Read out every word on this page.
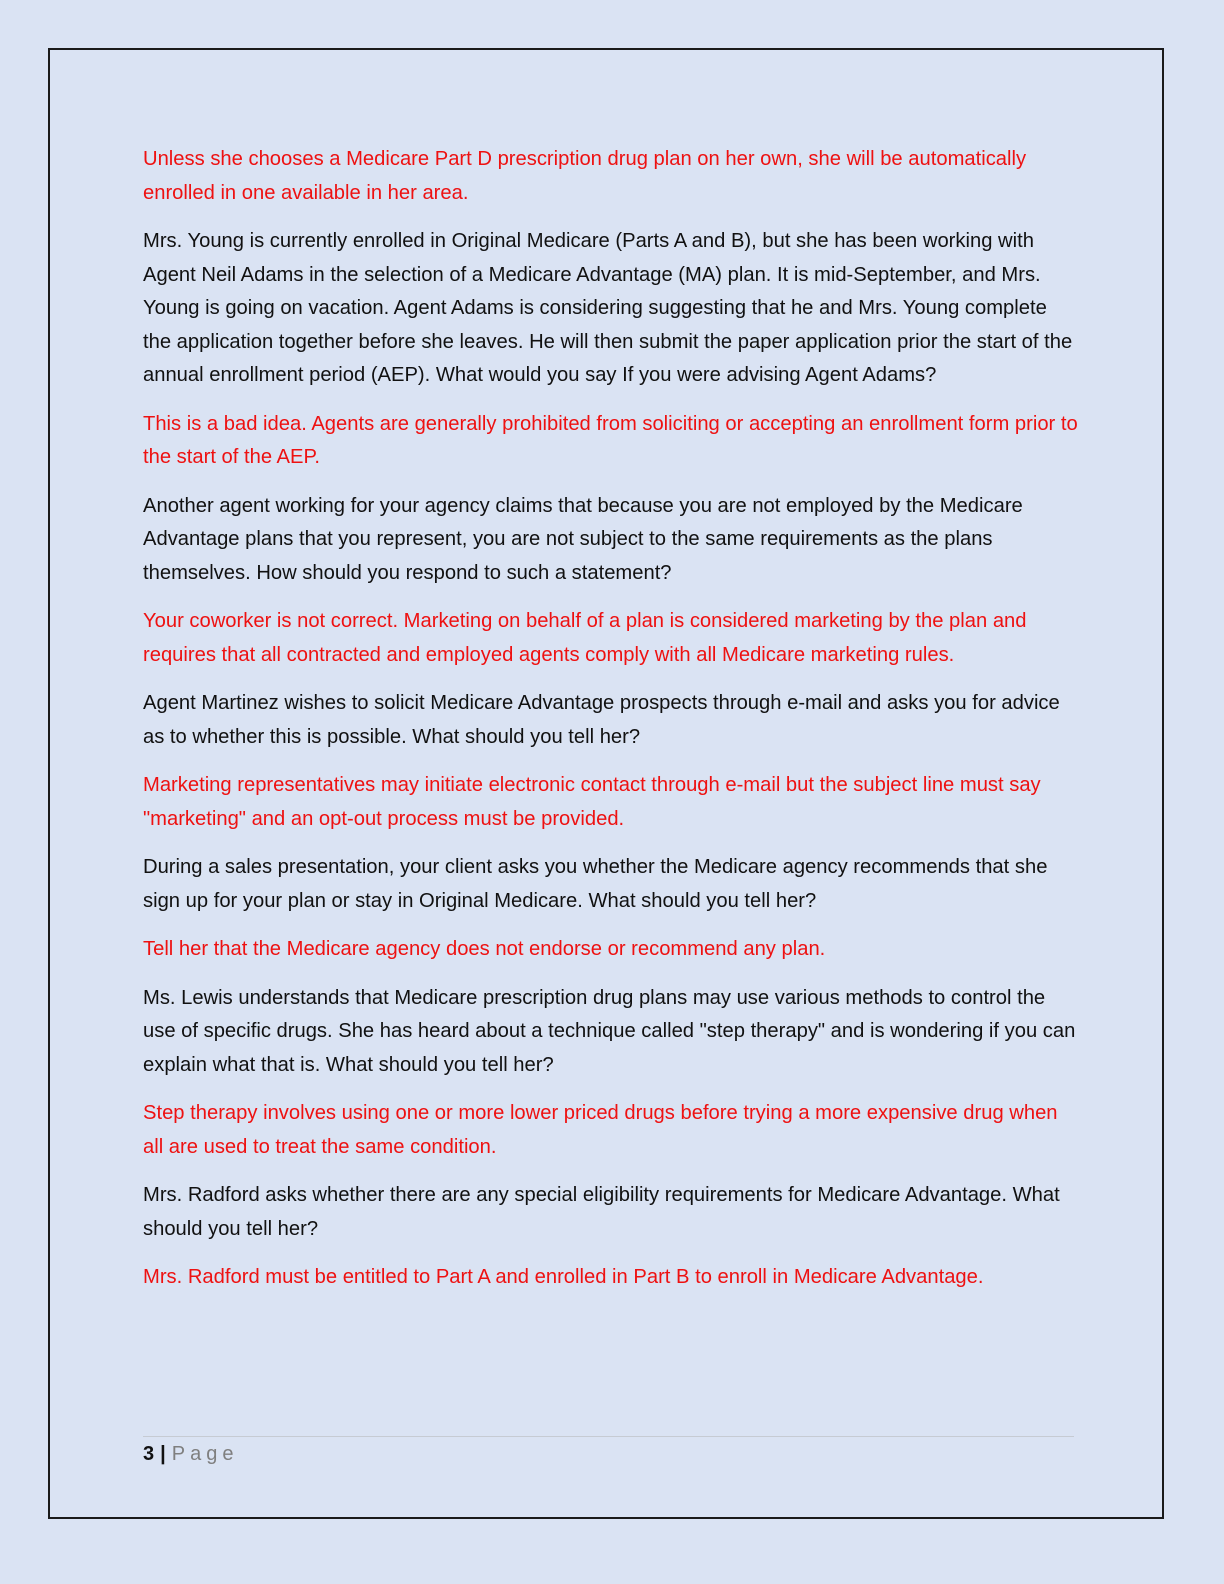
Unless she chooses a Medicare Part D prescription drug plan on her own, she will be automatically enrolled in one available in her area.

Mrs. Young is currently enrolled in Original Medicare (Parts A and B), but she has been working with Agent Neil Adams in the selection of a Medicare Advantage (MA) plan. It is mid-September, and Mrs. Young is going on vacation. Agent Adams is considering suggesting that he and Mrs. Young complete the application together before she leaves. He will then submit the paper application prior the start of the annual enrollment period (AEP). What would you say If you were advising Agent Adams?

This is a bad idea. Agents are generally prohibited from soliciting or accepting an enrollment form prior to the start of the AEP.

Another agent working for your agency claims that because you are not employed by the Medicare Advantage plans that you represent, you are not subject to the same requirements as the plans themselves. How should you respond to such a statement?

Your coworker is not correct. Marketing on behalf of a plan is considered marketing by the plan and requires that all contracted and employed agents comply with all Medicare marketing rules.

Agent Martinez wishes to solicit Medicare Advantage prospects through e-mail and asks you for advice as to whether this is possible. What should you tell her?

Marketing representatives may initiate electronic contact through e-mail but the subject line must say "marketing" and an opt-out process must be provided.

During a sales presentation, your client asks you whether the Medicare agency recommends that she sign up for your plan or stay in Original Medicare. What should you tell her?

Tell her that the Medicare agency does not endorse or recommend any plan.

Ms. Lewis understands that Medicare prescription drug plans may use various methods to control the use of specific drugs. She has heard about a technique called "step therapy" and is wondering if you can explain what that is. What should you tell her?

Step therapy involves using one or more lower priced drugs before trying a more expensive drug when all are used to treat the same condition.

Mrs. Radford asks whether there are any special eligibility requirements for Medicare Advantage. What should you tell her?

Mrs. Radford must be entitled to Part A and enrolled in Part B to enroll in Medicare Advantage.

3 | Page
